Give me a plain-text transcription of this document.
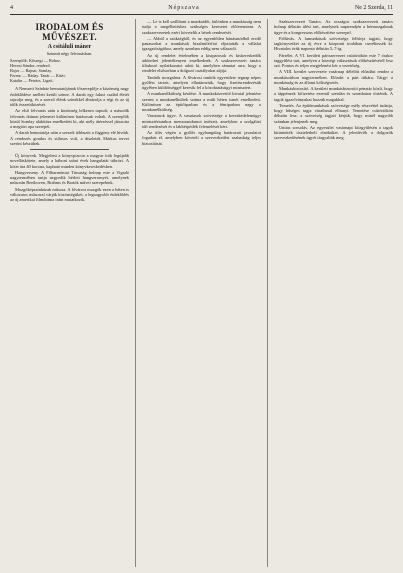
4	Népszava	Ne 2 Szerda, 11
IRODALOM ÉS MŰVÉSZET.
A csitáluli máner
Szinmű négy felvonásban.

Szereplők: Kőszegi — Roboz.

Hevesi Sándor, rendező.

Bajor — Rajnai, Somlay.

Ferenc — Ráday. Tanár — Kürti.

Katalin — Petráss, Ligeti.

A Nemzeti Színház bemutatójának főszereplője a közönség nagy érdeklődése mellett került színre. A darab egy falusi család életét rajzolja meg, és a szerző élénk színekkel ábrázolja a régi és az új idők összeütközését.

Az első felvonás után a közönség lelkesen tapsolt; a második felvonás drámai jelenetei különösen hatásosak voltak. A szereplők közül Somlay alakítása emelkedett ki, aki mély átérzéssel játszotta a megtört apa szerepét.

A darab bemutatója után a szerzőt többször a függöny elé hívták. A rendezés gondos és stílusos volt, a díszletek Márkus tervei szerint készültek.

Új könyvek. Megjelent a könyvpiacon a magyar írók legújabb novelláskötete, amely a háború utáni évek hangulatát tükrözi. A kötet ára 40 korona, kapható minden könyvkereskedésben.

Hangverseny. A Filharmóniai Társaság holnap este a Vigadó nagytermében tartja negyedik bérleti hangversenyét, amelynek műsorán Beethoven, Brahms és Bartók művei szerepelnek.

Mozgóképszínházak műsora. A fővárosi mozgók ezen a héten is változatos műsorral várják közönségüket; a legnagyobb érdeklődés az új amerikai filmdráma iránt mutatkozik.

— Le is kell szállítani a munkaidőt, különben a munkásság nem tudja a megélhetéshez szükséges keresetet előteremteni. A szakszervezetek ezért követelik a bérek rendezését.

— Abból a szükségből, és az egyenlőtlen bánásmódból eredő panaszokat a munkások bizalmiférfiai eljuttatták a vállalat igazgatóságához, amely azonban eddig nem válaszolt.

Az új rendelet értelmében a kisiparosok és kiskereskedők adóterhei jelentékenyen emelkednek. A szakszervezeti tanács tiltakozó nyilatkozatot adott ki, amelyben rámutat arra, hogy a rendelet elsősorban a dolgozó osztályokat sújtja.

Tanítók mozgalma. A fővárosi tanítók egyesülete tegnap népes gyűlést tartott, amelyen elhatározták, hogy fizetésrendezésük ügyében küldöttséggel keresik fel a közoktatásügyi minisztert.

A munkanélküliség kérdése. A munkaközvetítő hivatal jelentése szerint a munkanélküliek száma a múlt héten ismét emelkedett. Különösen az építőiparban és a fémiparban nagy a munkanélküliség.

Vasutasok ügye. A vasutasok szövetsége a kereskedelemügyi minisztériumhoz memorandumot intézett, amelyben a szolgálati idő rendezését és a lakbérpótlék felemelését kéri.

Az ülés végén a gyűlés egyhangúlag határozati javaslatot fogadott el, amelyben követeli a szervezkedési szabadság teljes biztosítását.

Szakszervezeti Tanács. Az országos szakszervezeti tanács holnap délután ülést tart, amelynek napirendjén a bérmozgalmak ügye és a kongresszus előkészítése szerepel.

Felhívás. A famunkások szövetsége felhívja tagjait, hogy tagkönyveiket az új évre a központi irodában cseréltessék ki. Hivatalos órák naponta délután 5–7-ig.

Pártélet. A VI. kerületi pártszervezet csütörtökön este 7 órakor taggyűlést tart, amelyen a községi választások előkészítéséről lesz szó. Pontos és teljes megjelenést kér a vezetőség.

A VIII. kerület szervezete vasárnap délelőtt előadást rendez a munkásotthon nagytermében. Előadó: a párt titkára. Tárgy: a munkásság és az állami költségvetés.

Munkásbiztosító. A kerületi munkásbiztosító pénztár közli, hogy a táppénzek kifizetése ezentúl szerdán és szombaton történik. A tagok igazolványukat hozzák magukkal.

Temetés. Az építőmunkások szövetsége mély részvéttel tudatja, hogy hűséges tagja váratlanul elhunyt. Temetése csütörtökön délután lesz; a szövetség tagjait kérjük, hogy minél nagyobb számban jelenjenek meg.

Unitas sorsolás. Az egyesület vasárnapi közgyűlésén a tagok kitüntették tiszteletbeli elnöküket. A jelenlévők a dolgozók szervezkedésének ügyét tárgyalták meg.
